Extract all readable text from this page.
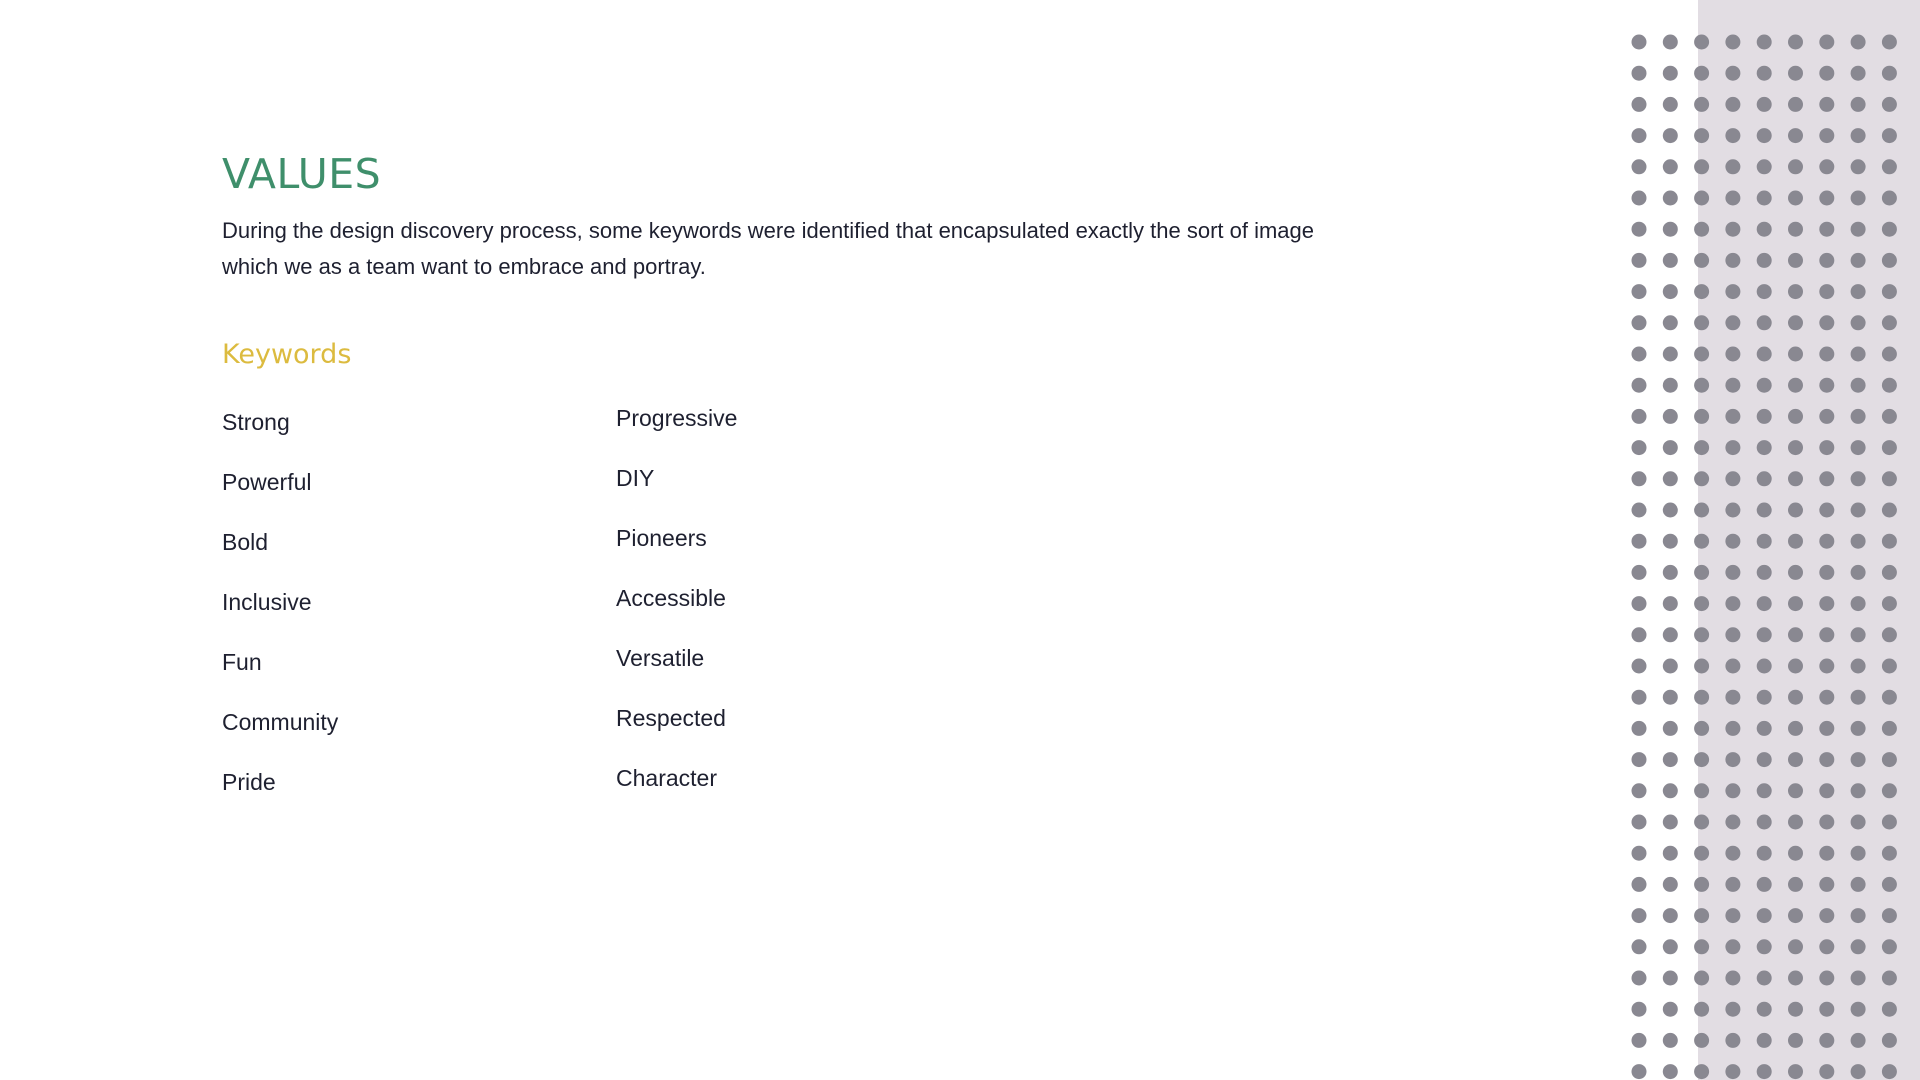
VALUES

During the design discovery process, some keywords were identified that encapsulated exactly the sort of image which we as a team want to embrace and portray.

Keywords
Strong
Powerful
Bold
Inclusive
Fun
Community
Pride
Progressive
DIY
Pioneers
Accessible
Versatile
Respected
Character
